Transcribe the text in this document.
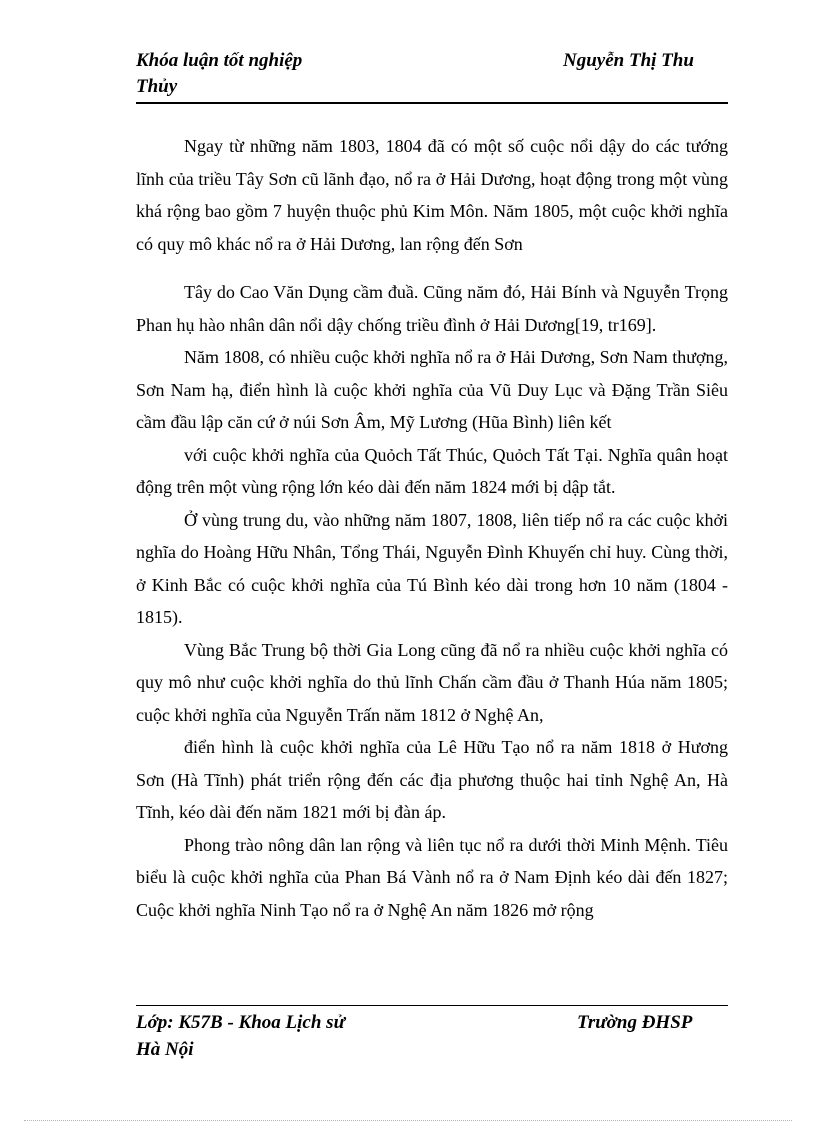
Khóa luận tốt nghiệp	Nguyễn Thị Thu
Thủy

Ngay từ những năm 1803, 1804 đã có một số cuộc nổi dậy do các tướng lĩnh của triều Tây Sơn cũ lãnh đạo, nổ ra ở Hải Dương, hoạt động trong một vùng khá rộng bao gồm 7 huyện thuộc phủ Kim Môn. Năm 1805, một cuộc khởi nghĩa có quy mô khác nổ ra ở Hải Dương, lan rộng đến Sơn

Tây do Cao Văn Dụng cầm đuầ. Cũng năm đó, Hải Bính và Nguyễn Trọng Phan hụ hào nhân dân nổi dậy chống triều đình ở Hải Dương[19, tr169].

Năm 1808, có nhiều cuộc khởi nghĩa nổ ra ở Hải Dương, Sơn Nam thượng, Sơn Nam hạ, điển hình là cuộc khởi nghĩa của Vũ Duy Lục và Đặng Trần Siêu cầm đầu lập căn cứ ở núi Sơn Âm, Mỹ Lương (Hũa Bình) liên kết

với cuộc khởi nghĩa của Quỏch Tất Thúc, Quỏch Tất Tại. Nghĩa quân hoạt động trên một vùng rộng lớn kéo dài đến năm 1824 mới bị dập tắt.

Ở vùng trung du, vào những năm 1807, 1808, liên tiếp nổ ra các cuộc khởi nghĩa do Hoàng Hữu Nhân, Tổng Thái, Nguyễn Đình Khuyến chỉ huy. Cùng thời, ở Kinh Bắc có cuộc khởi nghĩa của Tú Bình kéo dài trong hơn 10 năm (1804 - 1815).

Vùng Bắc Trung bộ thời Gia Long cũng đã nổ ra nhiều cuộc khởi nghĩa có quy mô như cuộc khởi nghĩa do thủ lĩnh Chấn cầm đầu ở Thanh Húa năm 1805; cuộc khởi nghĩa của Nguyễn Trấn năm 1812 ở Nghệ An,

điển hình là cuộc khởi nghĩa của Lê Hữu Tạo nổ ra năm 1818 ở Hương Sơn (Hà Tĩnh) phát triển rộng đến các địa phương thuộc hai tỉnh Nghệ An, Hà Tĩnh, kéo dài đến năm 1821 mới bị đàn áp.

Phong trào nông dân lan rộng và liên tục nổ ra dưới thời Minh Mệnh. Tiêu biểu là cuộc khởi nghĩa của Phan Bá Vành nổ ra ở Nam Định kéo dài đến 1827; Cuộc khởi nghĩa Ninh Tạo nổ ra ở Nghệ An năm 1826 mở rộng

Lớp: K57B - Khoa Lịch sử	Trường ĐHSP
Hà Nội
